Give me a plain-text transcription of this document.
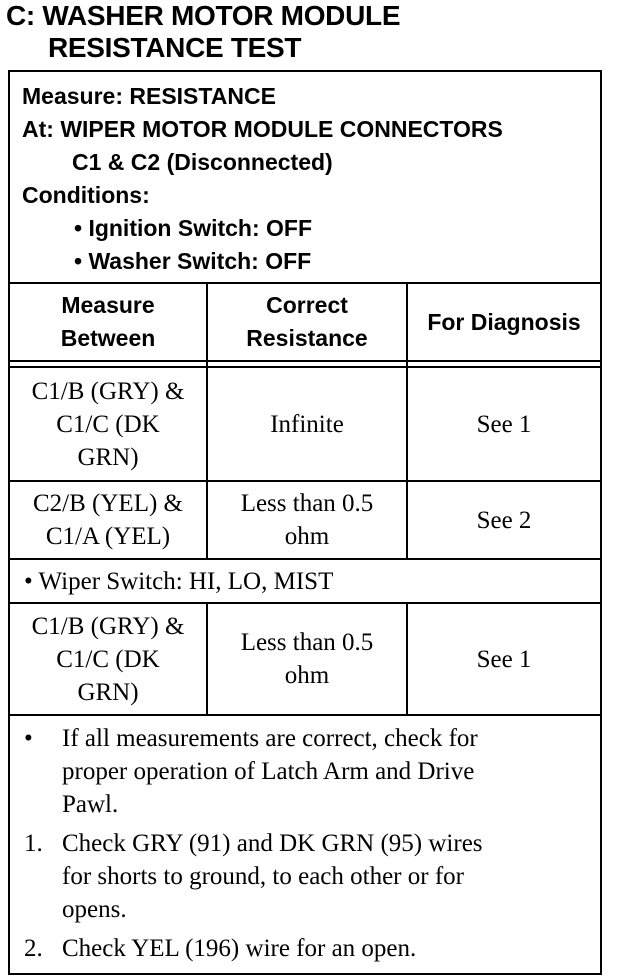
C: WASHER MOTOR MODULE
RESISTANCE TEST
Measure: RESISTANCE
At: WIPER MOTOR MODULE CONNECTORS
C1 & C2 (Disconnected)
Conditions:
• Ignition Switch: OFF
• Washer Switch: OFF
Measure
Between
Correct
Resistance
For Diagnosis
C1/B (GRY) &
C1/C (DK
GRN)
Infinite	See 1
C2/B (YEL) &
C1/A (YEL)
Less than 0.5
ohm
See 2
• Wiper Switch: HI, LO, MIST
C1/B (GRY) &
C1/C (DK
GRN)
Less than 0.5
ohm
See 1
• If all measurements are correct, check for
proper operation of Latch Arm and Drive
Pawl.
1. Check GRY (91) and DK GRN (95) wires
for shorts to ground, to each other or for
opens.
2. Check YEL (196) wire for an open.
